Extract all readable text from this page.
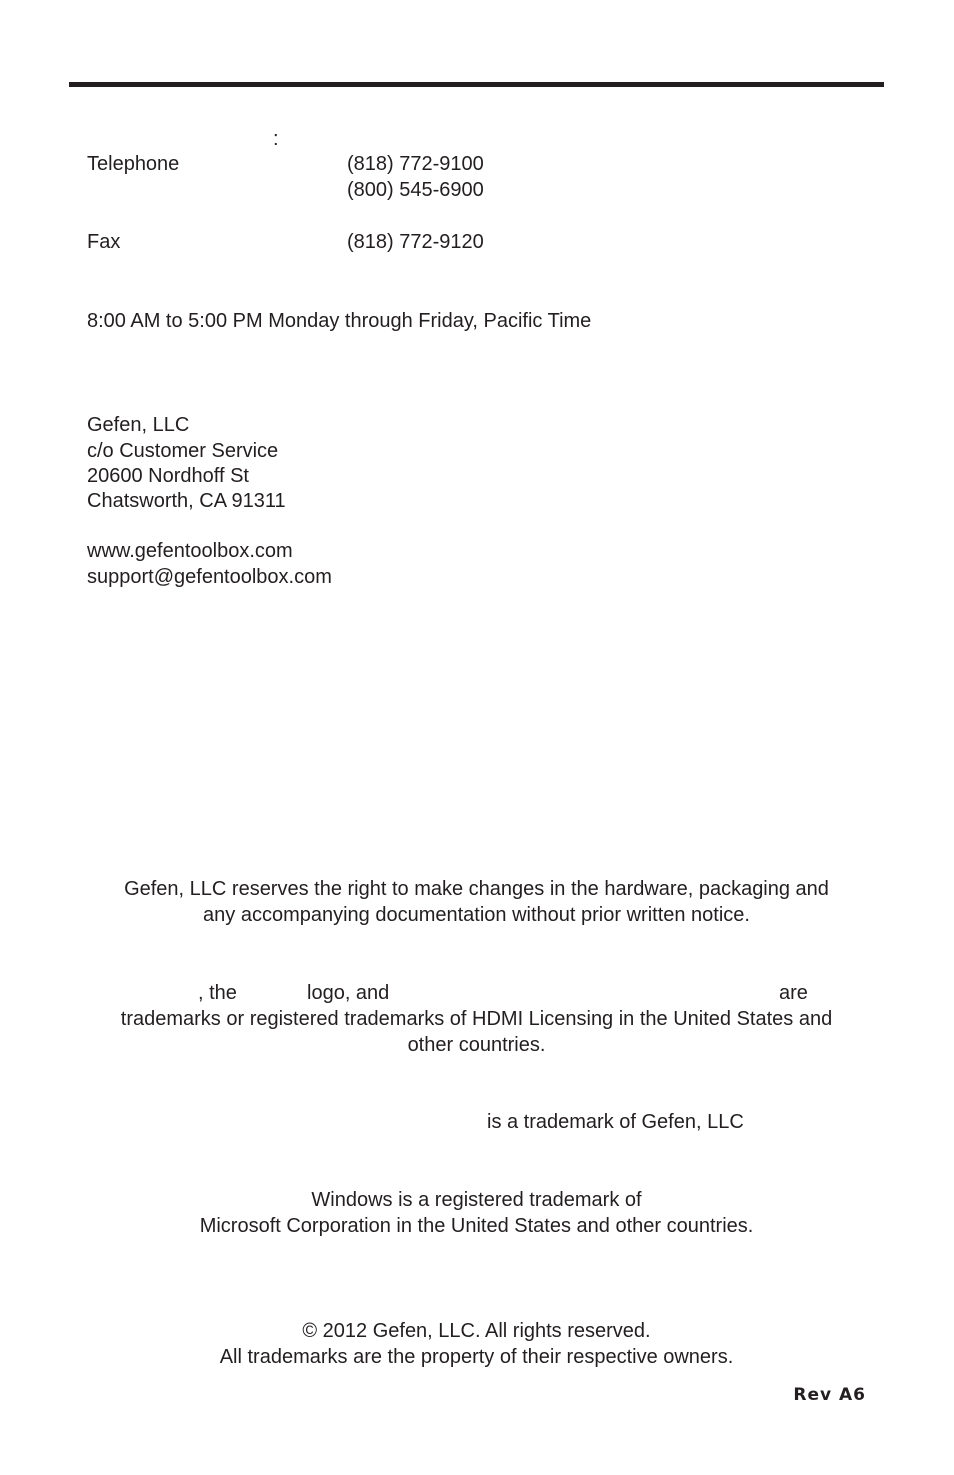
:
Telephone	(818) 772-9100
(800) 545-6900
Fax	(818) 772-9120
8:00 AM to 5:00 PM Monday through Friday, Pacific Time
Gefen, LLC
c/o Customer Service
20600 Nordhoff St
Chatsworth, CA 91311
www.gefentoolbox.com
support@gefentoolbox.com
Gefen, LLC reserves the right to make changes in the hardware, packaging and
any accompanying documentation without prior written notice.
, the	logo, and	are
trademarks or registered trademarks of HDMI Licensing in the United States and
other countries.
is a trademark of Gefen, LLC
Windows is a registered trademark of
Microsoft Corporation in the United States and other countries.
© 2012 Gefen, LLC. All rights reserved.
All trademarks are the property of their respective owners.
Rev A6
